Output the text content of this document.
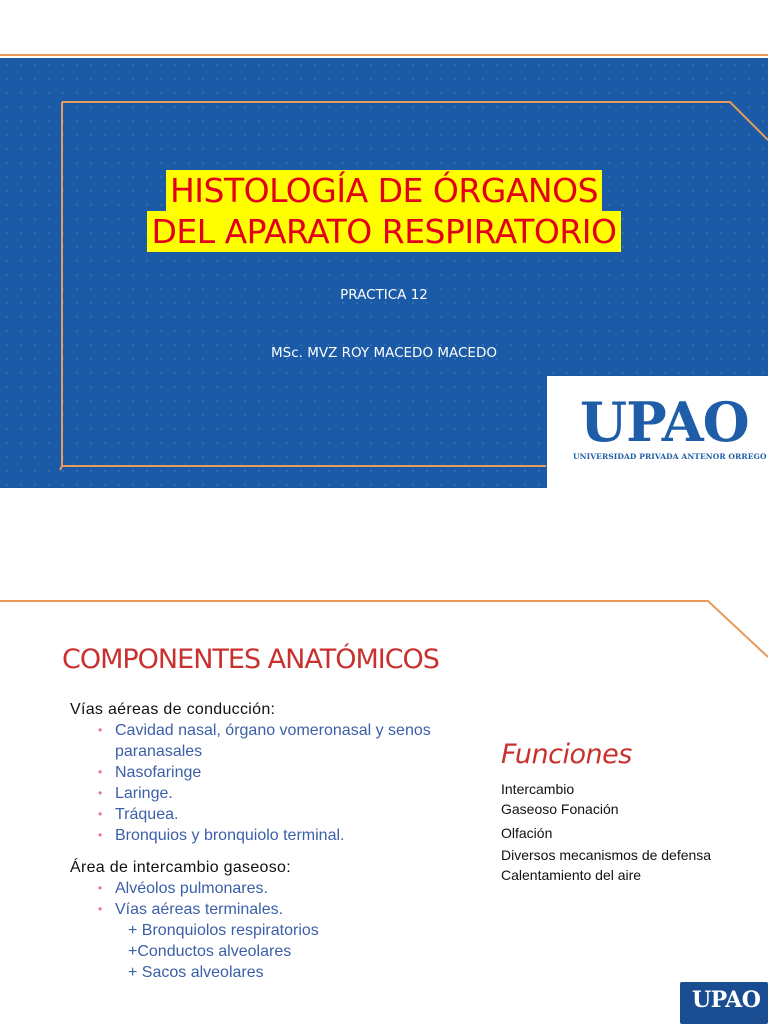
HISTOLOGÍA DE ÓRGANOS
DEL APARATO RESPIRATORIO
PRACTICA 12
MSc. MVZ ROY MACEDO MACEDO
UPAO
UNIVERSIDAD PRIVADA ANTENOR ORREGO
COMPONENTES ANATÓMICOS
Vías aéreas de conducción:
• Cavidad nasal, órgano vomeronasal y senos paranasales
• Nasofaringe
• Laringe.
• Tráquea.
• Bronquios y bronquiolo terminal.
Área de intercambio gaseoso:
• Alvéolos pulmonares.
• Vías aéreas terminales.
+ Bronquiolos respiratorios
+Conductos alveolares
+ Sacos alveolares
Funciones
Intercambio
Gaseoso Fonación
Olfación
Diversos mecanismos de defensa
Calentamiento del aire
UPAO
